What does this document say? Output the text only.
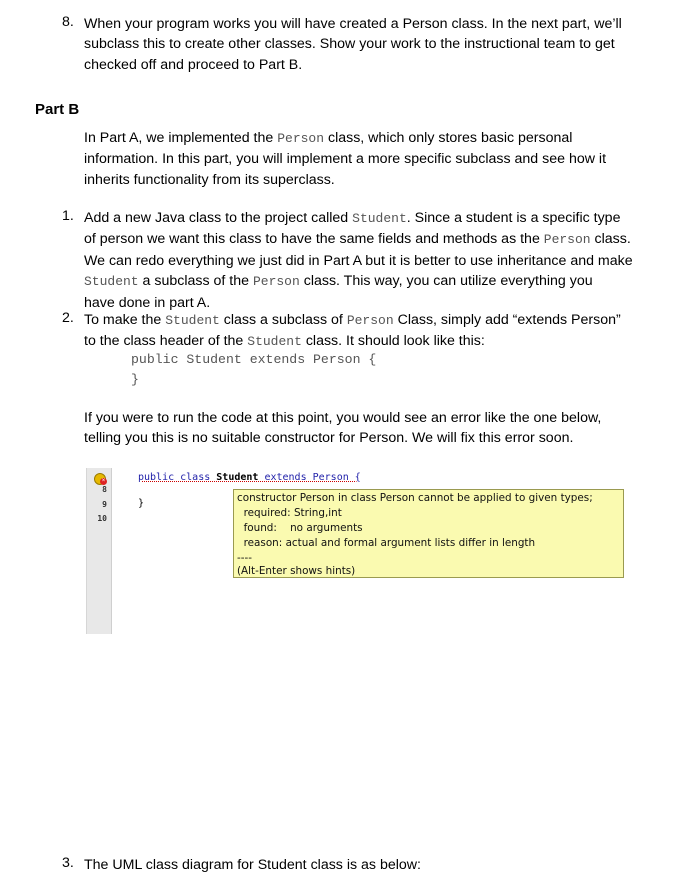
8. When your program works you will have created a Person class. In the next part, we’ll
subclass this to create other classes. Show your work to the instructional team to get
checked off and proceed to Part B.
Part B
In Part A, we implemented the Person class, which only stores basic personal
information. In this part, you will implement a more specific subclass and see how it
inherits functionality from its superclass.
1. Add a new Java class to the project called Student. Since a student is a specific type
of person we want this class to have the same fields and methods as the Person class.
We can redo everything we just did in Part A but it is better to use inheritance and make
Student a subclass of the Person class. This way, you can utilize everything you
have done in part A.
2. To make the Student class a subclass of Person Class, simply add “extends Person”
to the class header of the Student class. It should look like this:
public Student extends Person {
}
If you were to run the code at this point, you would see an error like the one below,
telling you this is no suitable constructor for Person. We will fix this error soon.
×
8
9
10
public class Student extends Person {
}	constructor Person in class Person cannot be applied to given types;
required: String,int
found:    no arguments
reason: actual and formal argument lists differ in length
----
(Alt-Enter shows hints)
3. The UML class diagram for Student class is as below:
